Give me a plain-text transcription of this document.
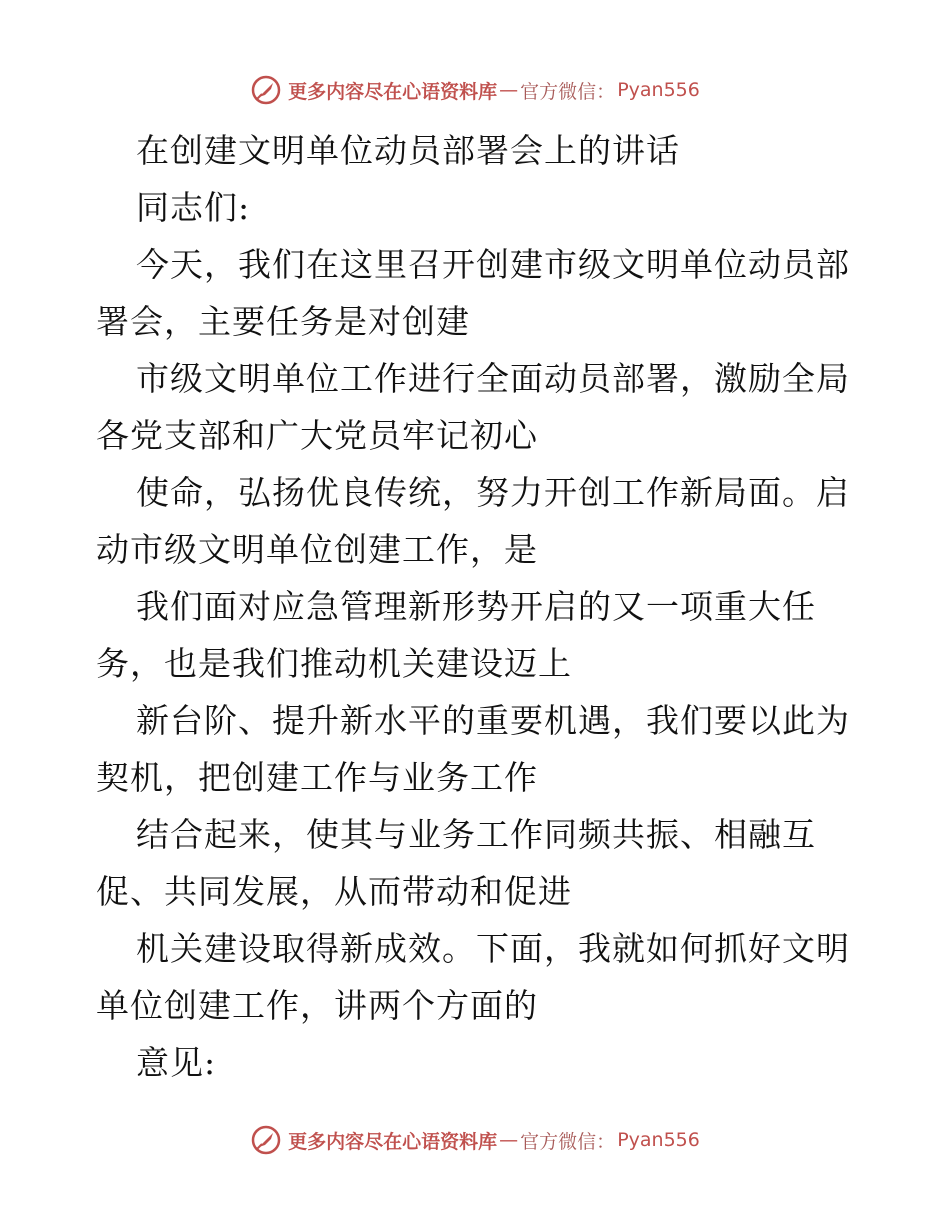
更多内容尽在心语资料库 — 官方微信： Pyan556
在创建文明单位动员部署会上的讲话
同志们:
今天，我们在这里召开创建市级文明单位动员部
署会，主要任务是对创建
市级文明单位工作进行全面动员部署，激励全局
各党支部和广大党员牢记初心
使命，弘扬优良传统，努力开创工作新局面。启
动市级文明单位创建工作，是
我们面对应急管理新形势开启的又一项重大任
务，也是我们推动机关建设迈上
新台阶、提升新水平的重要机遇，我们要以此为
契机，把创建工作与业务工作
结合起来，使其与业务工作同频共振、相融互
促、共同发展，从而带动和促进
机关建设取得新成效。下面，我就如何抓好文明
单位创建工作，讲两个方面的
意见:
更多内容尽在心语资料库 — 官方微信： Pyan556
